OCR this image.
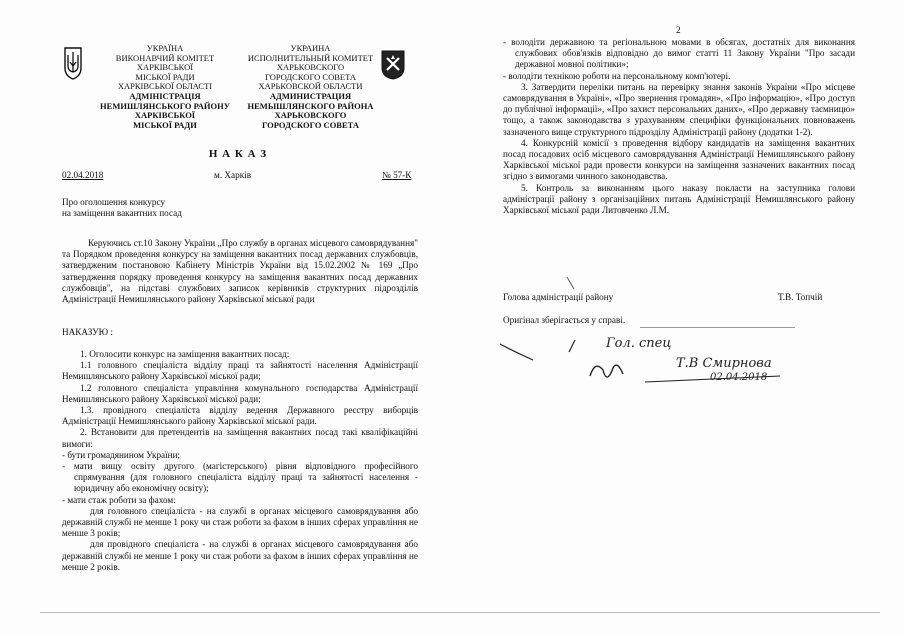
УКРАЇНА
ВИКОНАВЧИЙ КОМІТЕТ
ХАРКІВСЬКОЇ
МІСЬКОЇ РАДИ
ХАРКІВСЬКОЇ ОБЛАСТІ
АДМІНІСТРАЦІЯ
НЕМИШЛЯНСЬКОГО РАЙОНУ
ХАРКІВСЬКОЇ
МІСЬКОЇ РАДИ
УКРАИНА
ИСПОЛНИТЕЛЬНЫЙ КОМИТЕТ
ХАРЬКОВСКОГО
ГОРОДСКОГО СОВЕТА
ХАРЬКОВСКОЙ ОБЛАСТИ
АДМИНИСТРАЦИЯ
НЕМЫШЛЯНСКОГО РАЙОНА
ХАРЬКОВСКОГО
ГОРОДСКОГО СОВЕТА
Н А К А З
02.04.2018	м. Харків	№ 57-К
Про оголошення конкурсу
на заміщення вакантних посад
Керуючись ст.10 Закону України „Про службу в органах місцевого самоврядування" та Порядком проведення конкурсу на заміщення вакантних посад державних службовців, затвердженим постановою Кабінету Міністрів України від 15.02.2002 № 169 „Про затвердження порядку проведення конкурсу на заміщення вакантних посад державних службовців", на підставі службових записок керівників структурних підрозділів Адміністрації Немишлянського району Харківської міської ради
НАКАЗУЮ :
1. Оголосити конкурс на заміщення вакантних посад:
1.1 головного спеціаліста відділу праці та зайнятості населення Адміністрації Немишлянського району Харківської міської ради;
1.2 головного спеціаліста управління комунального господарства Адміністрації Немишлянського району Харківської міської ради;
1.3. провідного спеціаліста відділу ведення Державного реєстру виборців Адміністрації Немишлянського району Харківської міської ради.
2. Встановити для претендентів на заміщення вакантних посад такі кваліфікаційні вимоги:
- бути громадянином України;
- мати вищу освіту другого (магістерського) рівня відповідного професійного спрямування (для головного спеціаліста відділу праці та зайнятості населення - юридичну або економічну освіту);
- мати стаж роботи за фахом:
для головного спеціаліста - на службі в органах місцевого самоврядування або державній службі не менше 1 року чи стаж роботи за фахом в інших сферах управління не менше 3 років;
для провідного спеціаліста - на службі в органах місцевого самоврядування або державній службі не менше 1 року чи стаж роботи за фахом в інших сферах управління не менше 2 років.
2
- володіти державною та регіональною мовами в обсягах, достатніх для виконання службових обов'язків відповідно до вимог статті 11 Закону України "Про засади державної мовної політики»;
- володіти технікою роботи на персональному комп'ютері.
3. Затвердити переліки питань на перевірку знання законів України «Про місцеве самоврядування в Україні», «Про звернення громадян», «Про інформацію», «Про доступ до публічної інформації», «Про захист персональних даних», «Про державну таємницю» тощо, а також законодавства з урахуванням специфіки функціональних повноважень зазначеного вище структурного підрозділу Адміністрації району (додатки 1-2).
4. Конкурсній комісії з проведення відбору кандидатів на заміщення вакантних посад посадових осіб місцевого самоврядування Адміністрації Немишлянського району Харківської міської ради провести конкурси на заміщення зазначених вакантних посад згідно з вимогами чинного законодавства.
5. Контроль за виконанням цього наказу покласти на заступника голови адміністрації району з організаційних питань Адміністрації Немишлянського району Харківської міської ради Литовченко Л.М.
Голова адміністрації району	Т.В. Топчій
Оригінал зберігається у справі.
Гол. спец
Т.В Смирнова
02.04.2018
